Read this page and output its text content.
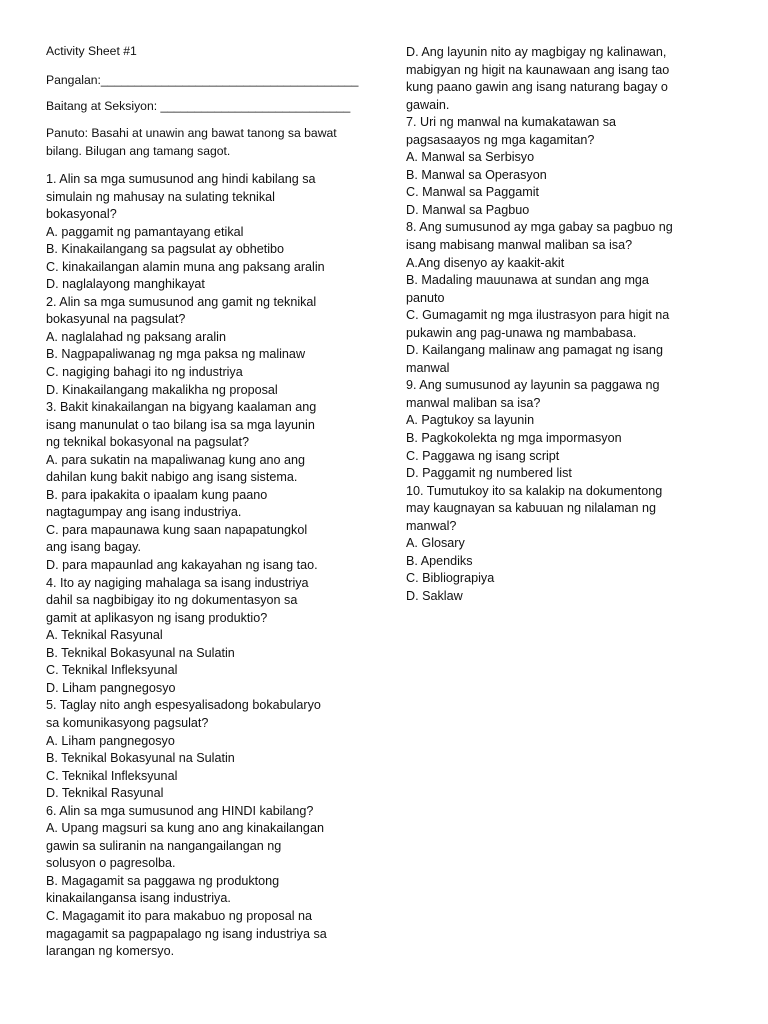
Activity Sheet #1
Pangalan:______________________________________
Baitang at Seksiyon: ____________________________
Panuto: Basahi at unawin ang bawat tanong sa bawat
bilang. Bilugan ang tamang sagot.
1. Alin sa mga sumusunod ang hindi kabilang sa
simulain ng mahusay na sulating teknikal
bokasyonal?
A. paggamit ng pamantayang etikal
B. Kinakailangang sa pagsulat ay obhetibo
C. kinakailangan alamin muna ang paksang aralin
D. naglalayong manghikayat
2. Alin sa mga sumusunod ang gamit ng teknikal
bokasyunal na pagsulat?
A. naglalahad ng paksang aralin
B. Nagpapaliwanag ng mga paksa ng malinaw
C. nagiging bahagi ito ng industriya
D. Kinakailangang makalikha ng proposal
3. Bakit kinakailangan na bigyang kaalaman ang
isang manunulat o tao bilang isa sa mga layunin
ng teknikal bokasyonal na pagsulat?
A. para sukatin na mapaliwanag kung ano ang
dahilan kung bakit nabigo ang isang sistema.
B. para ipakakita o ipaalam kung paano
nagtagumpay ang isang industriya.
C. para mapaunawa kung saan napapatungkol
ang isang bagay.
D. para mapaunlad ang kakayahan ng isang tao.
4. Ito ay nagiging mahalaga sa isang industriya
dahil sa nagbibigay ito ng dokumentasyon sa
gamit at aplikasyon ng isang produktio?
A. Teknikal Rasyunal
B. Teknikal Bokasyunal na Sulatin
C. Teknikal Infleksyunal
D. Liham pangnegosyo
5. Taglay nito angh espesyalisadong bokabularyo
sa komunikasyong pagsulat?
A. Liham pangnegosyo
B. Teknikal Bokasyunal na Sulatin
C. Teknikal Infleksyunal
D. Teknikal Rasyunal
6. Alin sa mga sumusunod ang HINDI kabilang?
A. Upang magsuri sa kung ano ang kinakailangan
gawin sa suliranin na nangangailangan ng
solusyon o pagresolba.
B. Magagamit sa paggawa ng produktong
kinakailangansa isang industriya.
C. Magagamit ito para makabuo ng proposal na
magagamit sa pagpapalago ng isang industriya sa
larangan ng komersyo.
D. Ang layunin nito ay magbigay ng kalinawan,
mabigyan ng higit na kaunawaan ang isang tao
kung paano gawin ang isang naturang bagay o
gawain.
7. Uri ng manwal na kumakatawan sa
pagsasaayos ng mga kagamitan?
A. Manwal sa Serbisyo
B. Manwal sa Operasyon
C. Manwal sa Paggamit
D. Manwal sa Pagbuo
8. Ang sumusunod ay mga gabay sa pagbuo ng
isang mabisang manwal maliban sa isa?
A.Ang disenyo ay kaakit-akit
B. Madaling mauunawa at sundan ang mga
panuto
C. Gumagamit ng mga ilustrasyon para higit na
pukawin ang pag-unawa ng mambabasa.
D. Kailangang malinaw ang pamagat ng isang
manwal
9. Ang sumusunod ay layunin sa paggawa ng
manwal maliban sa isa?
A. Pagtukoy sa layunin
B. Pagkokolekta ng mga impormasyon
C. Paggawa ng isang script
D. Paggamit ng numbered list
10. Tumutukoy ito sa kalakip na dokumentong
may kaugnayan sa kabuuan ng nilalaman ng
manwal?
A. Glosary
B. Apendiks
C. Bibliograpiya
D. Saklaw
